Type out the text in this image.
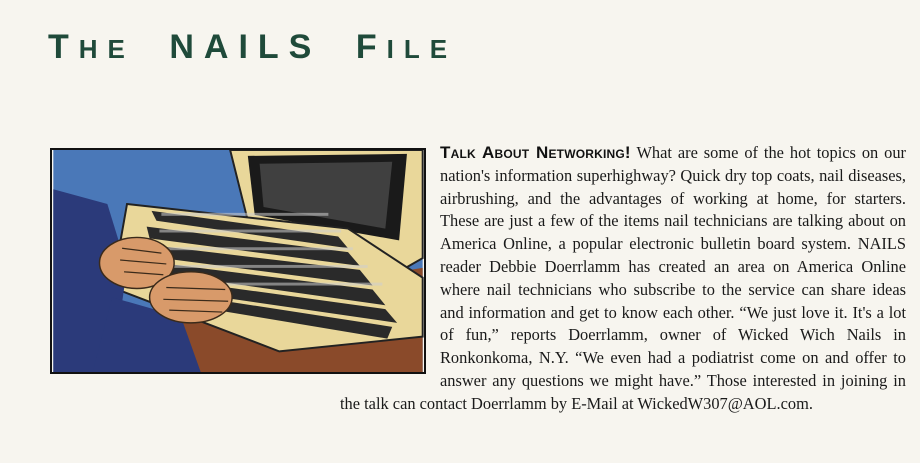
THE NAILS FILE

Talk About Networking! What are some of the hot topics on our nation's information superhighway? Quick dry top coats, nail diseases, airbrushing, and the advantages of working at home, for starters. These are just a few of the items nail technicians are talking about on America Online, a popular electronic bulletin board system. NAILS reader Debbie Doerrlamm has created an area on America Online where nail technicians who subscribe to the service can share ideas and information and get to know each other. “We just love it. It's a lot of fun,” reports Doerrlamm, owner of Wicked Wich Nails in Ronkonkoma, N.Y. “We even had a podiatrist come on and offer to answer any questions we might have.” Those interested in joining in the talk can contact Doerrlamm by E-Mail at WickedW307@AOL.com.
